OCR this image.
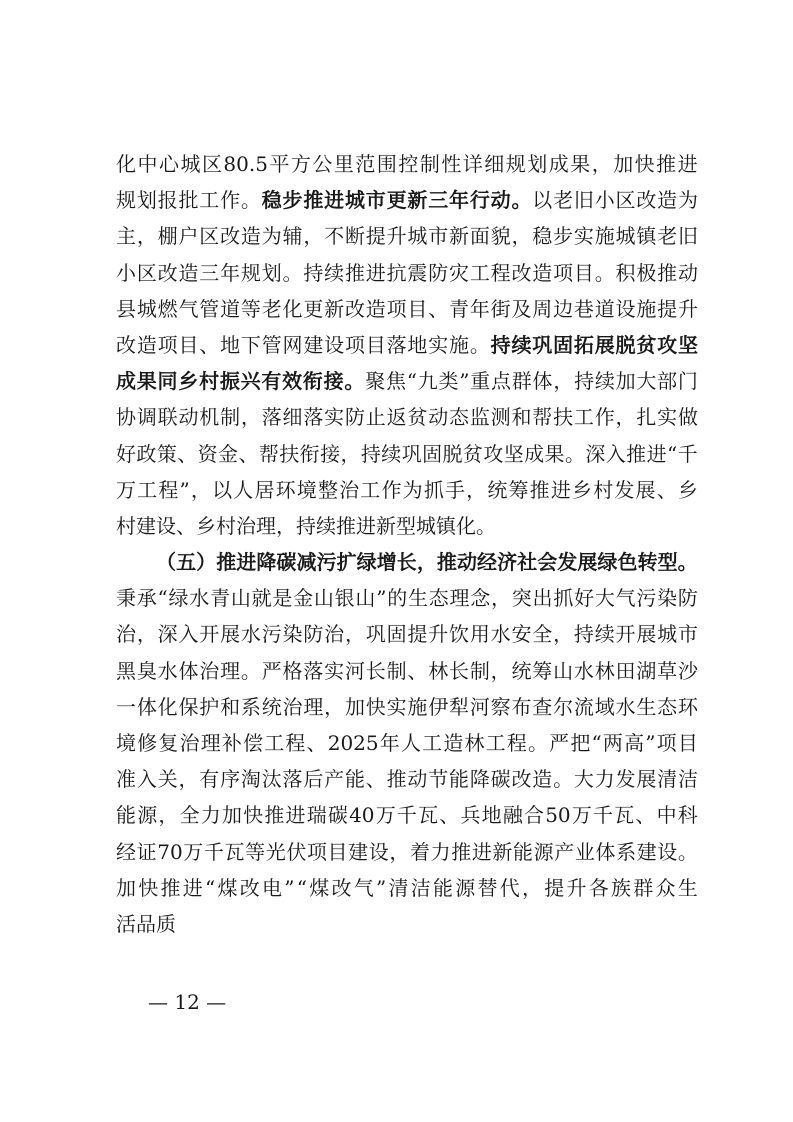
化 中 心 城 区 80.5 平 方 公 里 范 围 控 制 性 详 细 规 划 成 果 ， 加 快 推 进
规 划 报 批 工 作 。 稳 步 推 进 城 市 更 新 三 年 行 动 。 以 老 旧 小 区 改 造 为
主 ， 棚 户 区 改 造 为 辅 ， 不 断 提 升 城 市 新 面 貌 ， 稳 步 实 施 城 镇 老 旧
小 区 改 造 三 年 规 划 。 持 续 推 进 抗 震 防 灾 工 程 改 造 项 目 。 积 极 推 动
县 城 燃 气 管 道 等 老 化 更 新 改 造 项 目 、 青 年 街 及 周 边 巷 道 设 施 提 升
改 造 项 目 、 地 下 管 网 建 设 项 目 落 地 实 施 。 持 续 巩 固 拓 展 脱 贫 攻 坚
成 果 同 乡 村 振 兴 有 效 衔 接 。 聚 焦 “ 九 类 ” 重 点 群 体 ， 持 续 加 大 部 门
协 调 联 动 机 制 ， 落 细 落 实 防 止 返 贫 动 态 监 测 和 帮 扶 工 作 ， 扎 实 做
好 政 策 、 资 金 、 帮 扶 衔 接 ， 持 续 巩 固 脱 贫 攻 坚 成 果 。 深 入 推 进 “ 千
万 工 程 ” ， 以 人 居 环 境 整 治 工 作 为 抓 手 ， 统 筹 推 进 乡 村 发 展 、 乡
村 建 设 、 乡 村 治 理 ， 持 续 推 进 新 型 城 镇 化 。
（ 五 ） 推 进 降 碳 减 污 扩 绿 增 长 ， 推 动 经 济 社 会 发 展 绿 色 转 型 。
秉 承 “ 绿 水 青 山 就 是 金 山 银 山 ” 的 生 态 理 念 ， 突 出 抓 好 大 气 污 染 防
治 ， 深 入 开 展 水 污 染 防 治 ， 巩 固 提 升 饮 用 水 安 全 ， 持 续 开 展 城 市
黑 臭 水 体 治 理 。 严 格 落 实 河 长 制 、 林 长 制 ， 统 筹 山 水 林 田 湖 草 沙
一 体 化 保 护 和 系 统 治 理 ， 加 快 实 施 伊 犁 河 察 布 查 尔 流 域 水 生 态 环
境 修 复 治 理 补 偿 工 程 、 2025 年 人 工 造 林 工 程 。 严 把 “ 两 高 ” 项 目
准 入 关 ， 有 序 淘 汰 落 后 产 能 、 推 动 节 能 降 碳 改 造 。 大 力 发 展 清 洁
能 源 ， 全 力 加 快 推 进 瑞 碳 40 万 千 瓦 、 兵 地 融 合 50 万 千 瓦 、 中 科
经 证 70 万 千 瓦 等 光 伏 项 目 建 设 ， 着 力 推 进 新 能 源 产 业 体 系 建 设 。
加 快 推 进 “ 煤 改 电 ” “ 煤 改 气 ” 清 洁 能 源 替 代 ， 提 升 各 族 群 众 生
活 品 质
— 12 —
